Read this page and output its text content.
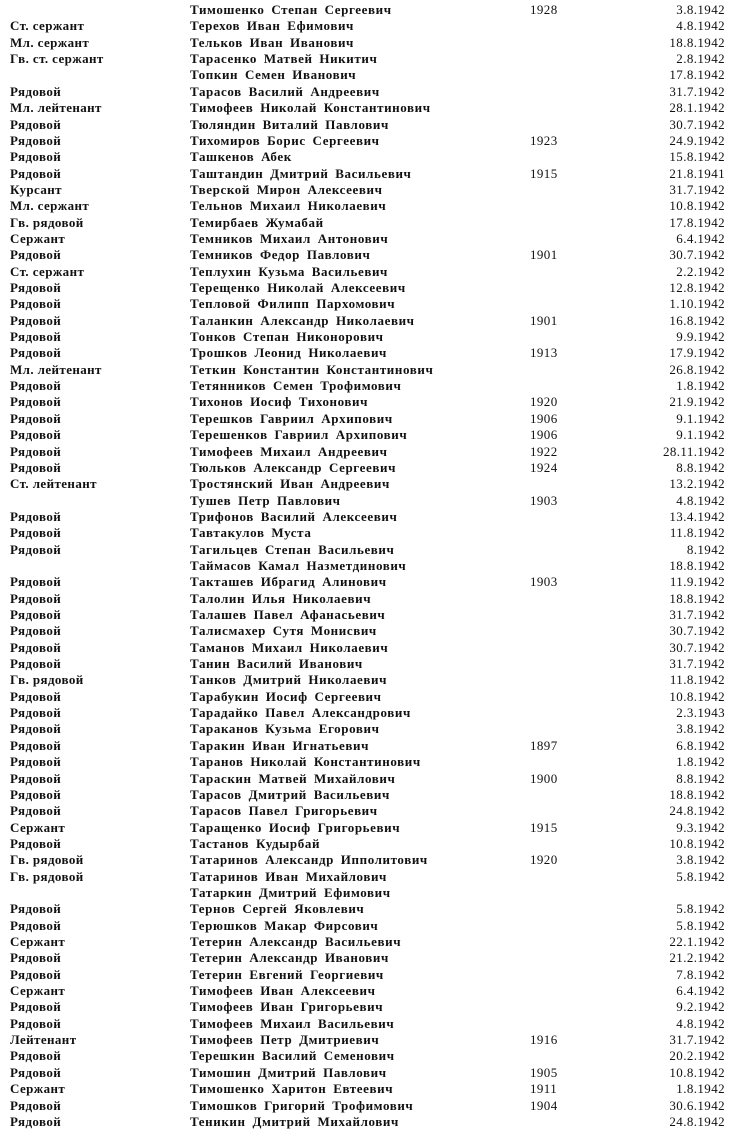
Тимошенко Степан Сергеевич	1928	3.8.1942
Ст. сержант	Терехов Иван Ефимович	4.8.1942
Мл. сержант	Тельков Иван Иванович	18.8.1942
Гв. ст. сержант	Тарасенко Матвей Никитич	2.8.1942
Топкин Семен Иванович	17.8.1942
Рядовой	Тарасов Василий Андреевич	31.7.1942
Мл. лейтенант	Тимофеев Николай Константинович	28.1.1942
Рядовой	Тюляндин Виталий Павлович	30.7.1942
Рядовой	Тихомиров Борис Сергеевич	1923	24.9.1942
Рядовой	Ташкенов Абек	15.8.1942
Рядовой	Таштандин Дмитрий Васильевич	1915	21.8.1941
Курсант	Тверской Мирон Алексеевич	31.7.1942
Мл. сержант	Тельнов Михаил Николаевич	10.8.1942
Гв. рядовой	Темирбаев Жумабай	17.8.1942
Сержант	Темников Михаил Антонович	6.4.1942
Рядовой	Темников Федор Павлович	1901	30.7.1942
Ст. сержант	Теплухин Кузьма Васильевич	2.2.1942
Рядовой	Терещенко Николай Алексеевич	12.8.1942
Рядовой	Тепловой Филипп Пархомович	1.10.1942
Рядовой	Таланкин Александр Николаевич	1901	16.8.1942
Рядовой	Тонков Степан Никонорович	9.9.1942
Рядовой	Трошков Леонид Николаевич	1913	17.9.1942
Мл. лейтенант	Теткин Константин Константинович	26.8.1942
Рядовой	Тетянников Семен Трофимович	1.8.1942
Рядовой	Тихонов Иосиф Тихонович	1920	21.9.1942
Рядовой	Терешков Гавриил Архипович	1906	9.1.1942
Рядовой	Терешенков Гавриил Архипович	1906	9.1.1942
Рядовой	Тимофеев Михаил Андреевич	1922	28.11.1942
Рядовой	Тюльков Александр Сергеевич	1924	8.8.1942
Ст. лейтенант	Тростянский Иван Андреевич	13.2.1942
Тушев Петр Павлович	1903	4.8.1942
Рядовой	Трифонов Василий Алексеевич	13.4.1942
Рядовой	Тавтакулов Муста	11.8.1942
Рядовой	Тагильцев Степан Васильевич	8.1942
Таймасов Камал Назметдинович	18.8.1942
Рядовой	Такташев Ибрагид Алинович	1903	11.9.1942
Рядовой	Талолин Илья Николаевич	18.8.1942
Рядовой	Талашев Павел Афанасьевич	31.7.1942
Рядовой	Талисмахер Сутя Монисвич	30.7.1942
Рядовой	Таманов Михаил Николаевич	30.7.1942
Рядовой	Танин Василий Иванович	31.7.1942
Гв. рядовой	Танков Дмитрий Николаевич	11.8.1942
Рядовой	Тарабукин Иосиф Сергеевич	10.8.1942
Рядовой	Тарадайко Павел Александрович	2.3.1943
Рядовой	Тараканов Кузьма Егорович	3.8.1942
Рядовой	Таракин Иван Игнатьевич	1897	6.8.1942
Рядовой	Таранов Николай Константинович	1.8.1942
Рядовой	Тараскин Матвей Михайлович	1900	8.8.1942
Рядовой	Тарасов Дмитрий Васильевич	18.8.1942
Рядовой	Тарасов Павел Григорьевич	24.8.1942
Сержант	Таращенко Иосиф Григорьевич	1915	9.3.1942
Рядовой	Тастанов Кудырбай	10.8.1942
Гв. рядовой	Татаринов Александр Ипполитович	1920	3.8.1942
Гв. рядовой	Татаринов Иван Михайлович	5.8.1942
Татаркин Дмитрий Ефимович
Рядовой	Тернов Сергей Яковлевич	5.8.1942
Рядовой	Терюшков Макар Фирсович	5.8.1942
Сержант	Тетерин Александр Васильевич	22.1.1942
Рядовой	Тетерин Александр Иванович	21.2.1942
Рядовой	Тетерин Евгений Георгиевич	7.8.1942
Сержант	Тимофеев Иван Алексеевич	6.4.1942
Рядовой	Тимофеев Иван Григорьевич	9.2.1942
Рядовой	Тимофеев Михаил Васильевич	4.8.1942
Лейтенант	Тимофеев Петр Дмитриевич	1916	31.7.1942
Рядовой	Терешкин Василий Семенович	20.2.1942
Рядовой	Тимошин Дмитрий Павлович	1905	10.8.1942
Сержант	Тимошенко Харитон Евтеевич	1911	1.8.1942
Рядовой	Тимошков Григорий Трофимович	1904	30.6.1942
Рядовой	Теникин Дмитрий Михайлович	24.8.1942
